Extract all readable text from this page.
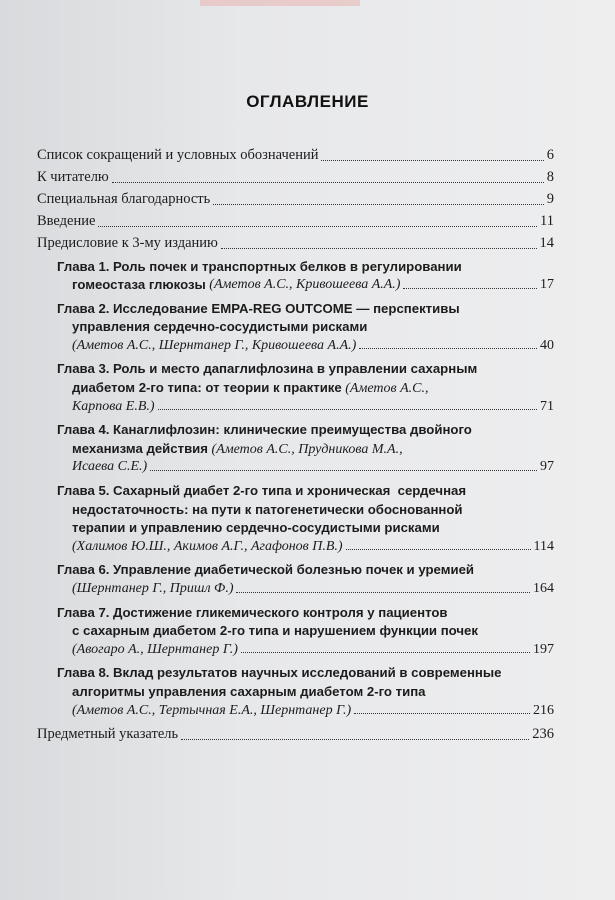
ОГЛАВЛЕНИЕ
Список сокращений и условных обозначений	6
К читателю	8
Специальная благодарность	9
Введение	11
Предисловие к 3-му изданию	14
Глава 1. Роль почек и транспортных белков в регулировании
гомеостаза глюкозы
(Аметов А.С., Кривошеева А.А.)	17
Глава 2. Исследование EMPA-REG OUTCOME — перспективы
управления сердечно-сосудистыми рисками
(Аметов А.С., Шернтанер Г., Кривошеева А.А.)	40
Глава 3. Роль и место дапаглифлозина в управлении сахарным
диабетом 2-го типа: от теории к практике (Аметов А.С.,
Карпова Е.В.)	71
Глава 4. Канаглифлозин: клинические преимущества двойного
механизма действия (Аметов А.С., Прудникова М.А.,
Исаева С.Е.)	97
Глава 5. Сахарный диабет 2-го типа и хроническая  сердечная
недостаточность: на пути к патогенетически обоснованной
терапии и управлению сердечно-сосудистыми рисками
(Халимов Ю.Ш., Акимов А.Г., Агафонов П.В.)	114
Глава 6. Управление диабетической болезнью почек и уремией
(Шернтанер Г., Пришл Ф.)	164
Глава 7. Достижение гликемического контроля у пациентов
с сахарным диабетом 2-го типа и нарушением функции почек
(Авогаро А., Шернтанер Г.)	197
Глава 8. Вклад результатов научных исследований в современные
алгоритмы управления сахарным диабетом 2-го типа
(Аметов А.С., Тертычная Е.А., Шернтанер Г.)	216
Предметный указатель	236
